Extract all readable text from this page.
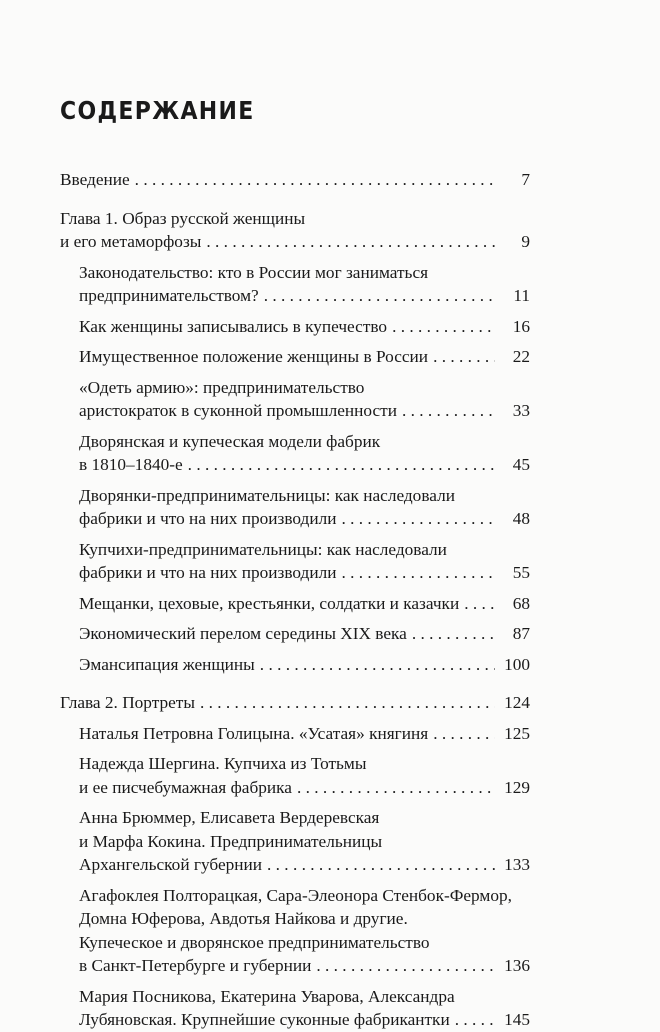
СОДЕРЖАНИЕ
Введение . . .	7
Глава 1. Образ русской женщины
и его метаморфозы . . .	9
Законодательство: кто в России мог заниматься
предпринимательством? . . .	11
Как женщины записывались в купечество . . .	16
Имущественное положение женщины в России . . .	22
«Одеть армию»: предпринимательство
аристократок в суконной промышленности . . .	33
Дворянская и купеческая модели фабрик
в 1810–1840-е . . .	45
Дворянки-предпринимательницы: как наследовали
фабрики и что на них производили . . .	48
Купчихи-предпринимательницы: как наследовали
фабрики и что на них производили . . .	55
Мещанки, цеховые, крестьянки, солдатки и казачки . . .	68
Экономический перелом середины XIX века . . .	87
Эмансипация женщины . . .	100
Глава 2. Портреты . . .	124
Наталья Петровна Голицына. «Усатая» княгиня . . .	125
Надежда Шергина. Купчиха из Тотьмы
и ее писчебумажная фабрика . . .	129
Анна Брюммер, Елисавета Вердеревская
и Марфа Кокина. Предпринимательницы
Архангельской губернии . . .	133
Агафоклея Полторацкая, Сара-Элеонора Стенбок-Фермор,
Домна Юферова, Авдотья Найкова и другие.
Купеческое и дворянское предпринимательство
в Санкт-Петербурге и губернии . . .	136
Мария Посникова, Екатерина Уварова, Александра
Лубяновская. Крупнейшие суконные фабрикантки . . .	145
